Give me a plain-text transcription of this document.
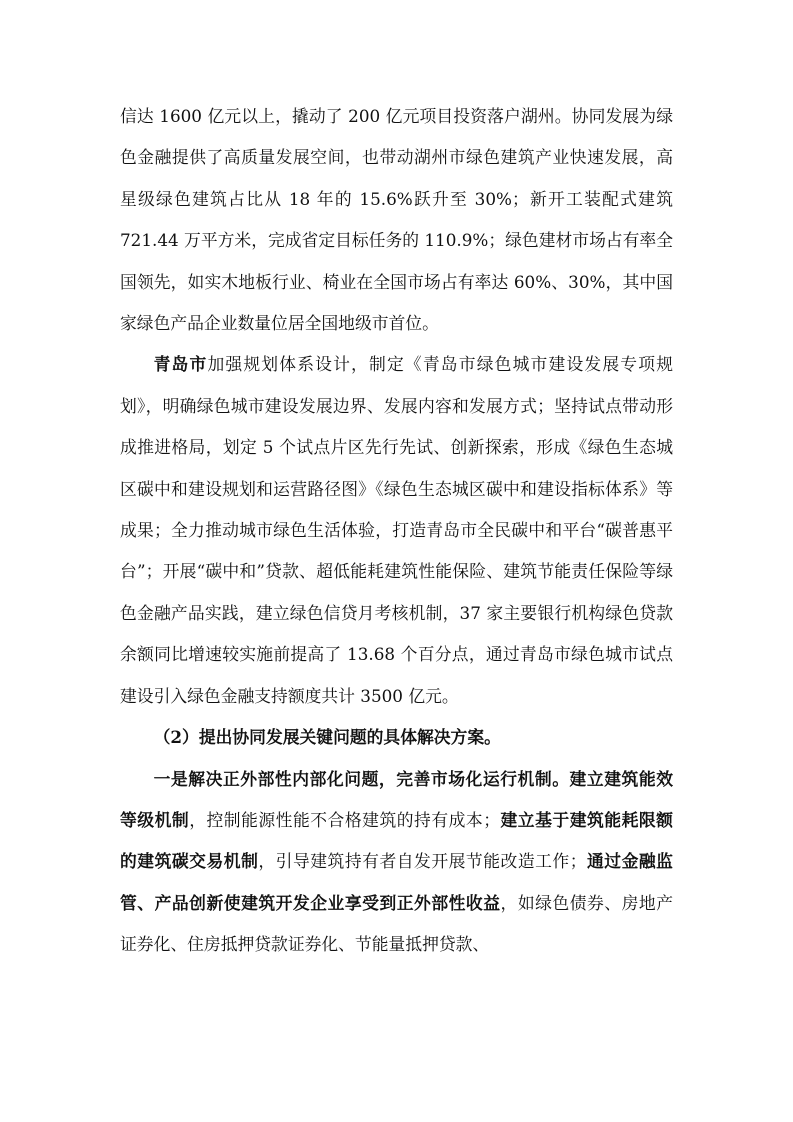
信达 1600 亿元以上，撬动了 200 亿元项目投资落户湖州。协同发展为绿色金融提供了高质量发展空间，也带动湖州市绿色建筑产业快速发展，高星级绿色建筑占比从 18 年的 15.6%跃升至 30%；新开工装配式建筑 721.44 万平方米，完成省定目标任务的 110.9%；绿色建材市场占有率全国领先，如实木地板行业、椅业在全国市场占有率达 60%、30%，其中国家绿色产品企业数量位居全国地级市首位。

青岛市加强规划体系设计，制定《青岛市绿色城市建设发展专项规划》，明确绿色城市建设发展边界、发展内容和发展方式；坚持试点带动形成推进格局，划定 5 个试点片区先行先试、创新探索，形成《绿色生态城区碳中和建设规划和运营路径图》《绿色生态城区碳中和建设指标体系》等成果；全力推动城市绿色生活体验，打造青岛市全民碳中和平台“碳普惠平台”；开展“碳中和”贷款、超低能耗建筑性能保险、建筑节能责任保险等绿色金融产品实践，建立绿色信贷月考核机制，37 家主要银行机构绿色贷款余额同比增速较实施前提高了 13.68 个百分点，通过青岛市绿色城市试点建设引入绿色金融支持额度共计 3500 亿元。

（2）提出协同发展关键问题的具体解决方案。

一是解决正外部性内部化问题，完善市场化运行机制。建立建筑能效等级机制，控制能源性能不合格建筑的持有成本；建立基于建筑能耗限额的建筑碳交易机制，引导建筑持有者自发开展节能改造工作；通过金融监管、产品创新使建筑开发企业享受到正外部性收益，如绿色债券、房地产证券化、住房抵押贷款证券化、节能量抵押贷款、
